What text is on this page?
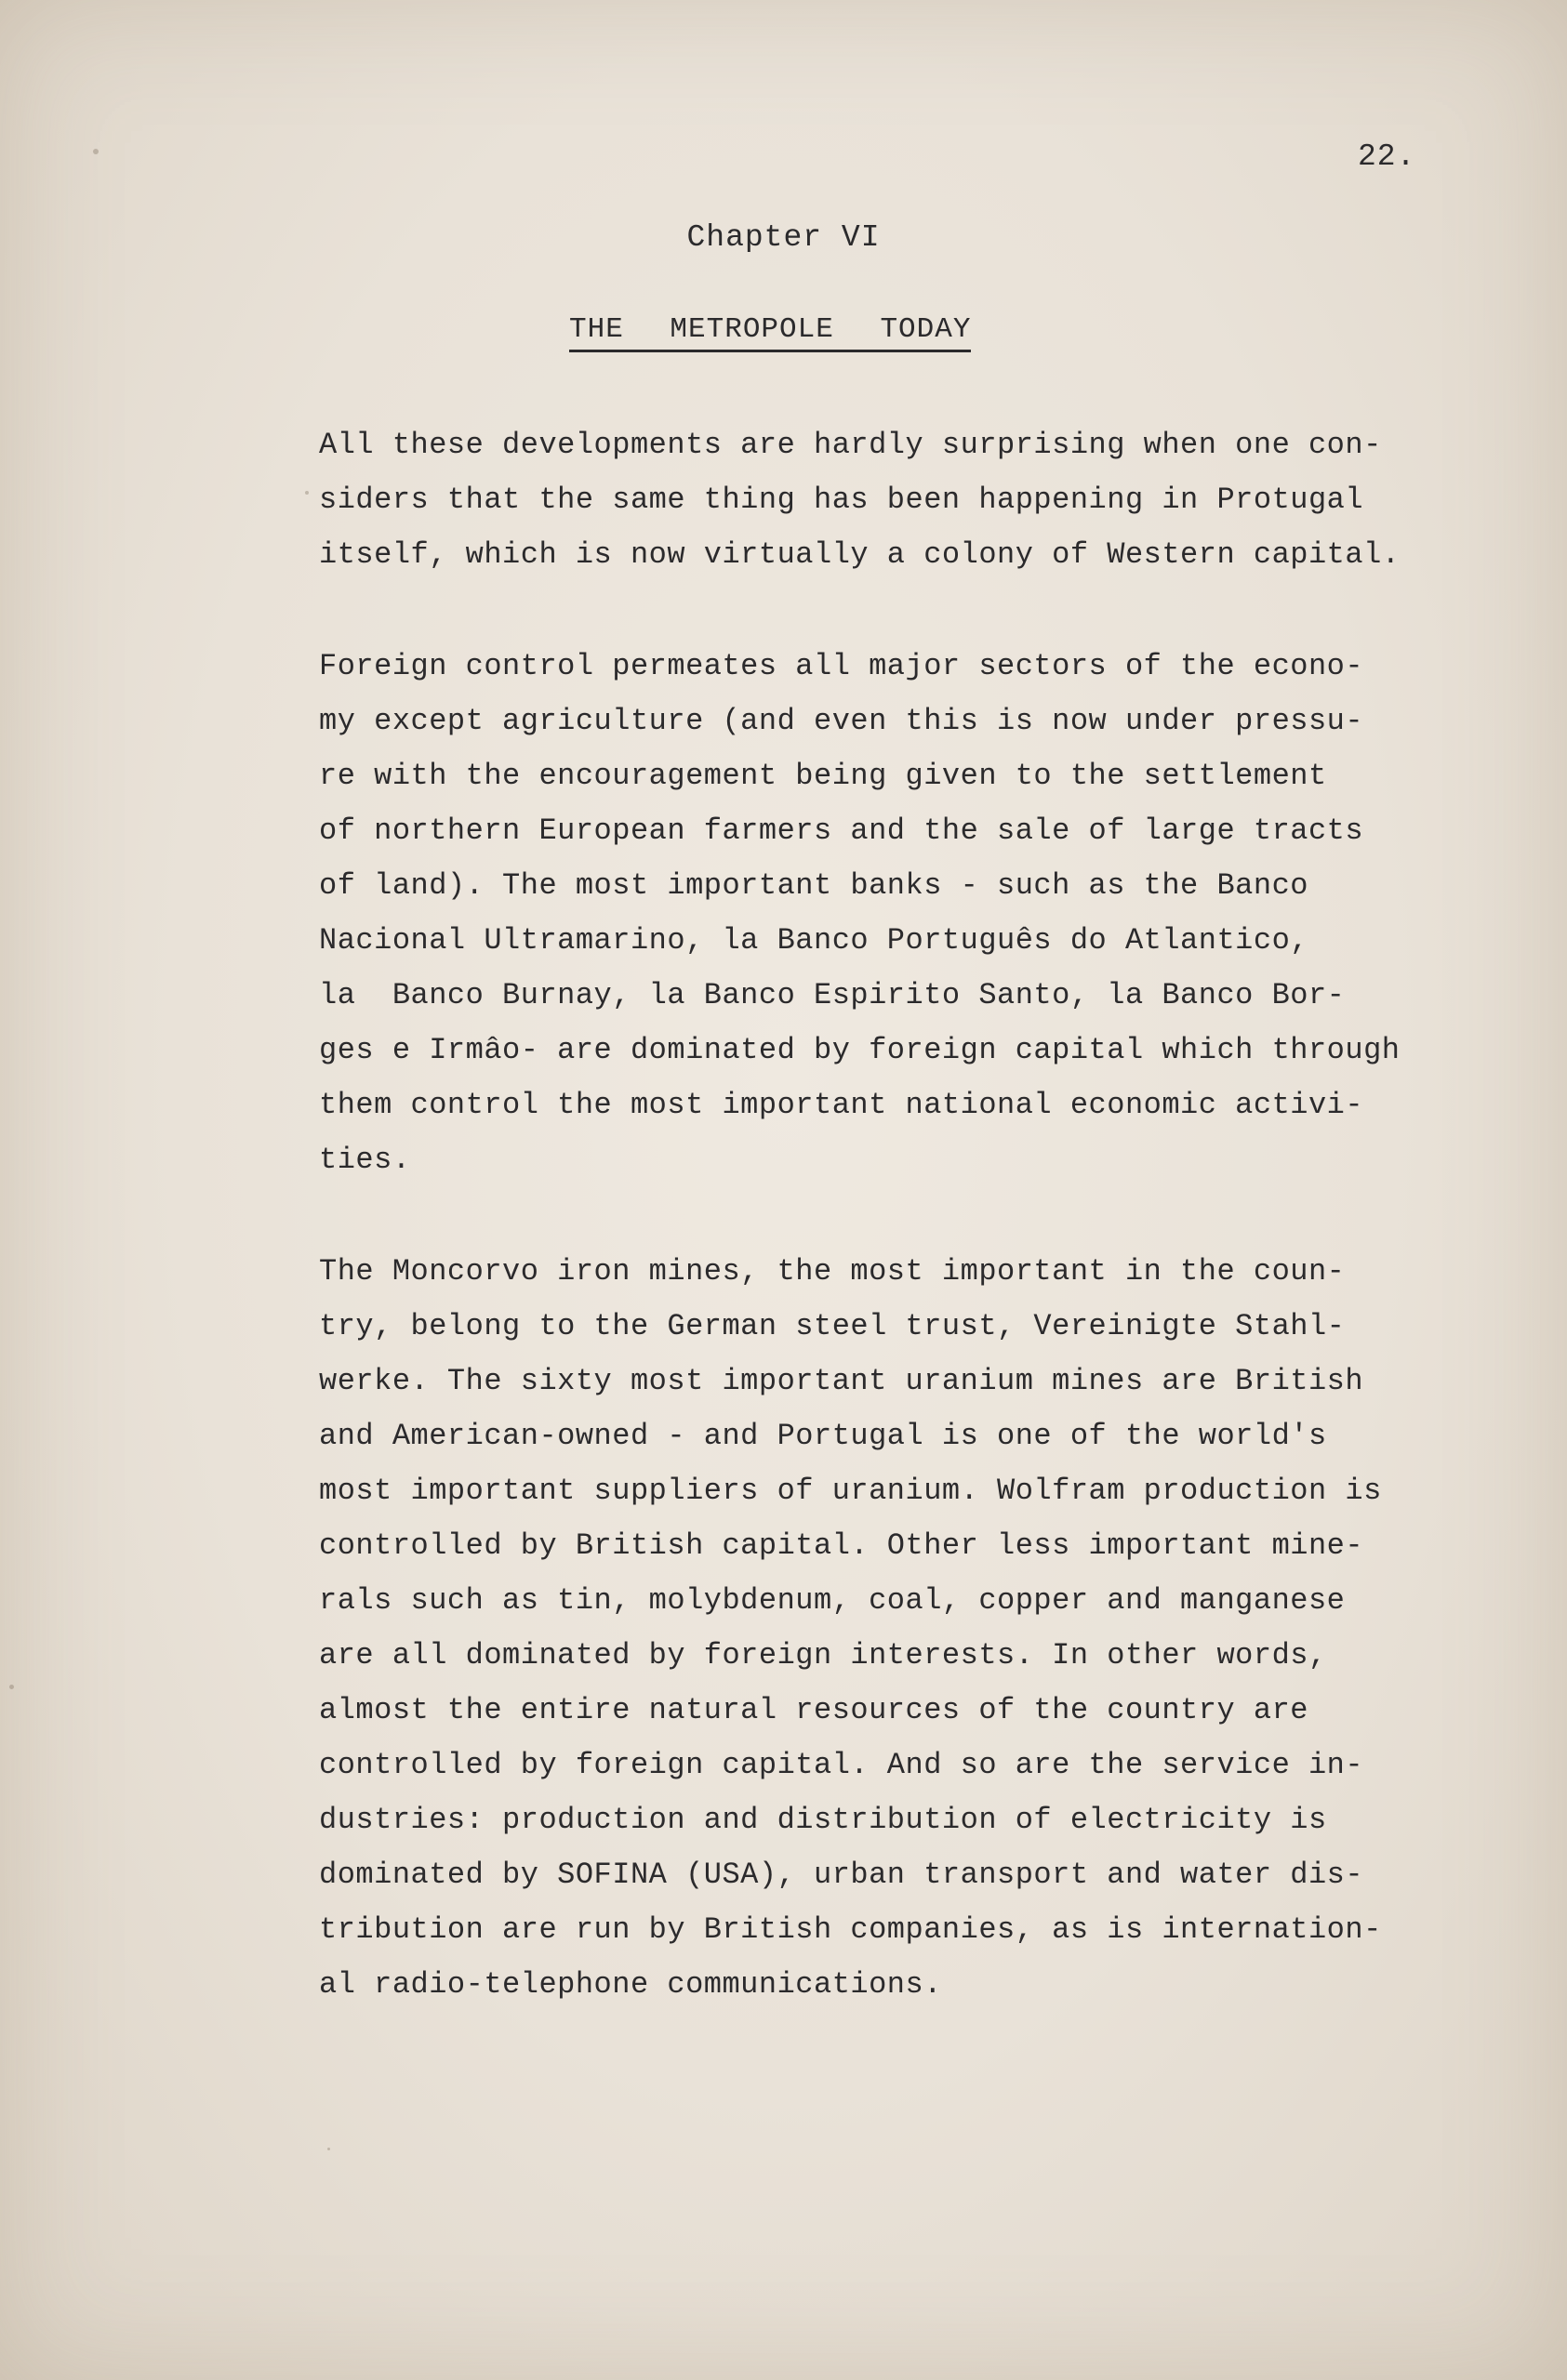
22.
Chapter VI
THE METROPOLE TODAY
All these developments are hardly surprising when one con-
siders that the same thing has been happening in Protugal
itself, which is now virtually a colony of Western capital.
Foreign control permeates all major sectors of the econo-
my except agriculture (and even this is now under pressu-
re with the encouragement being given to the settlement
of northern European farmers and the sale of large tracts
of land). The most important banks - such as the Banco
Nacional Ultramarino, la Banco Português do Atlantico,
la  Banco Burnay, la Banco Espirito Santo, la Banco Bor-
ges e Irmâo- are dominated by foreign capital which through
them control the most important national economic activi-
ties.
The Moncorvo iron mines, the most important in the coun-
try, belong to the German steel trust, Vereinigte Stahl-
werke. The sixty most important uranium mines are British
and American-owned - and Portugal is one of the world's
most important suppliers of uranium. Wolfram production is
controlled by British capital. Other less important mine-
rals such as tin, molybdenum, coal, copper and manganese
are all dominated by foreign interests. In other words,
almost the entire natural resources of the country are
controlled by foreign capital. And so are the service in-
dustries: production and distribution of electricity is
dominated by SOFINA (USA), urban transport and water dis-
tribution are run by British companies, as is internation-
al radio-telephone communications.
